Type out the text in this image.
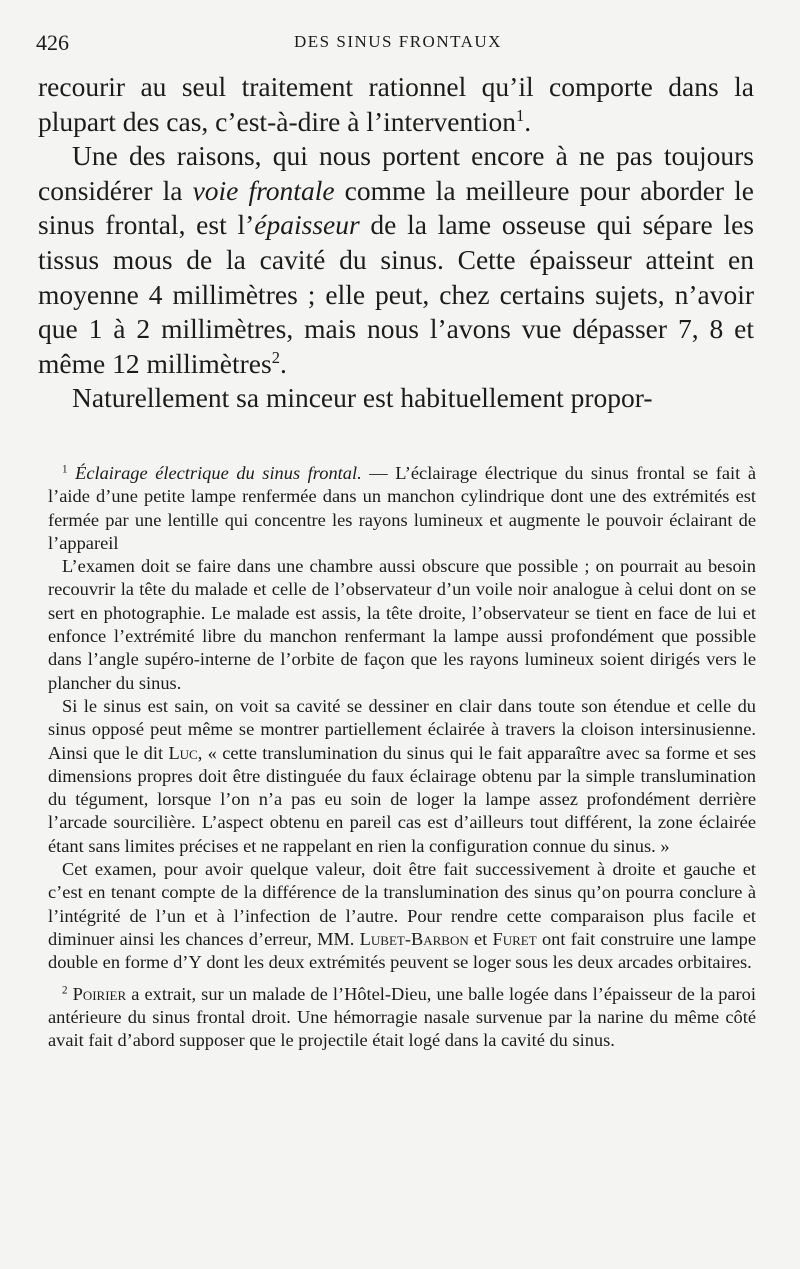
426	DES SINUS FRONTAUX

recourir au seul traitement rationnel qu’il comporte dans la plupart des cas, c’est-à-dire à l’intervention$^1$.

Une des raisons, qui nous portent encore à ne pas toujours considérer la voie frontale comme la meilleure pour aborder le sinus frontal, est l’épaisseur de la lame osseuse qui sépare les tissus mous de la cavité du sinus. Cette épaisseur atteint en moyenne 4 millimètres ; elle peut, chez certains sujets, n’avoir que 1 à 2 millimètres, mais nous l’avons vue dépasser 7, 8 et même 12 millimètres$^2$.

Naturellement sa minceur est habituellement propor-

$^1$ Éclairage électrique du sinus frontal. — L’éclairage électrique du sinus frontal se fait à l’aide d’une petite lampe renfermée dans un manchon cylindrique dont une des extrémités est fermée par une lentille qui concentre les rayons lumineux et augmente le pouvoir éclairant de l’appareil

L’examen doit se faire dans une chambre aussi obscure que possible ; on pourrait au besoin recouvrir la tête du malade et celle de l’observateur d’un voile noir analogue à celui dont on se sert en photographie. Le malade est assis, la tête droite, l’observateur se tient en face de lui et enfonce l’extrémité libre du manchon renfermant la lampe aussi profondément que possible dans l’angle supéro-interne de l’orbite de façon que les rayons lumineux soient dirigés vers le plancher du sinus.

Si le sinus est sain, on voit sa cavité se dessiner en clair dans toute son étendue et celle du sinus opposé peut même se montrer partiellement éclairée à travers la cloison intersinusienne. Ainsi que le dit Luc, « cette translumination du sinus qui le fait apparaître avec sa forme et ses dimensions propres doit être distinguée du faux éclairage obtenu par la simple translumination du tégument, lorsque l’on n’a pas eu soin de loger la lampe assez profondément derrière l’arcade sourcilière. L’aspect obtenu en pareil cas est d’ailleurs tout différent, la zone éclairée étant sans limites précises et ne rappelant en rien la configuration connue du sinus. »

Cet examen, pour avoir quelque valeur, doit être fait successivement à droite et gauche et c’est en tenant compte de la différence de la translumination des sinus qu’on pourra conclure à l’intégrité de l’un et à l’infection de l’autre. Pour rendre cette comparaison plus facile et diminuer ainsi les chances d’erreur, MM. Lubet-Barbon et Furet ont fait construire une lampe double en forme d’Y dont les deux extrémités peuvent se loger sous les deux arcades orbitaires.

$^2$ Poirier a extrait, sur un malade de l’Hôtel-Dieu, une balle logée dans l’épaisseur de la paroi antérieure du sinus frontal droit. Une hémorragie nasale survenue par la narine du même côté avait fait d’abord supposer que le projectile était logé dans la cavité du sinus.
